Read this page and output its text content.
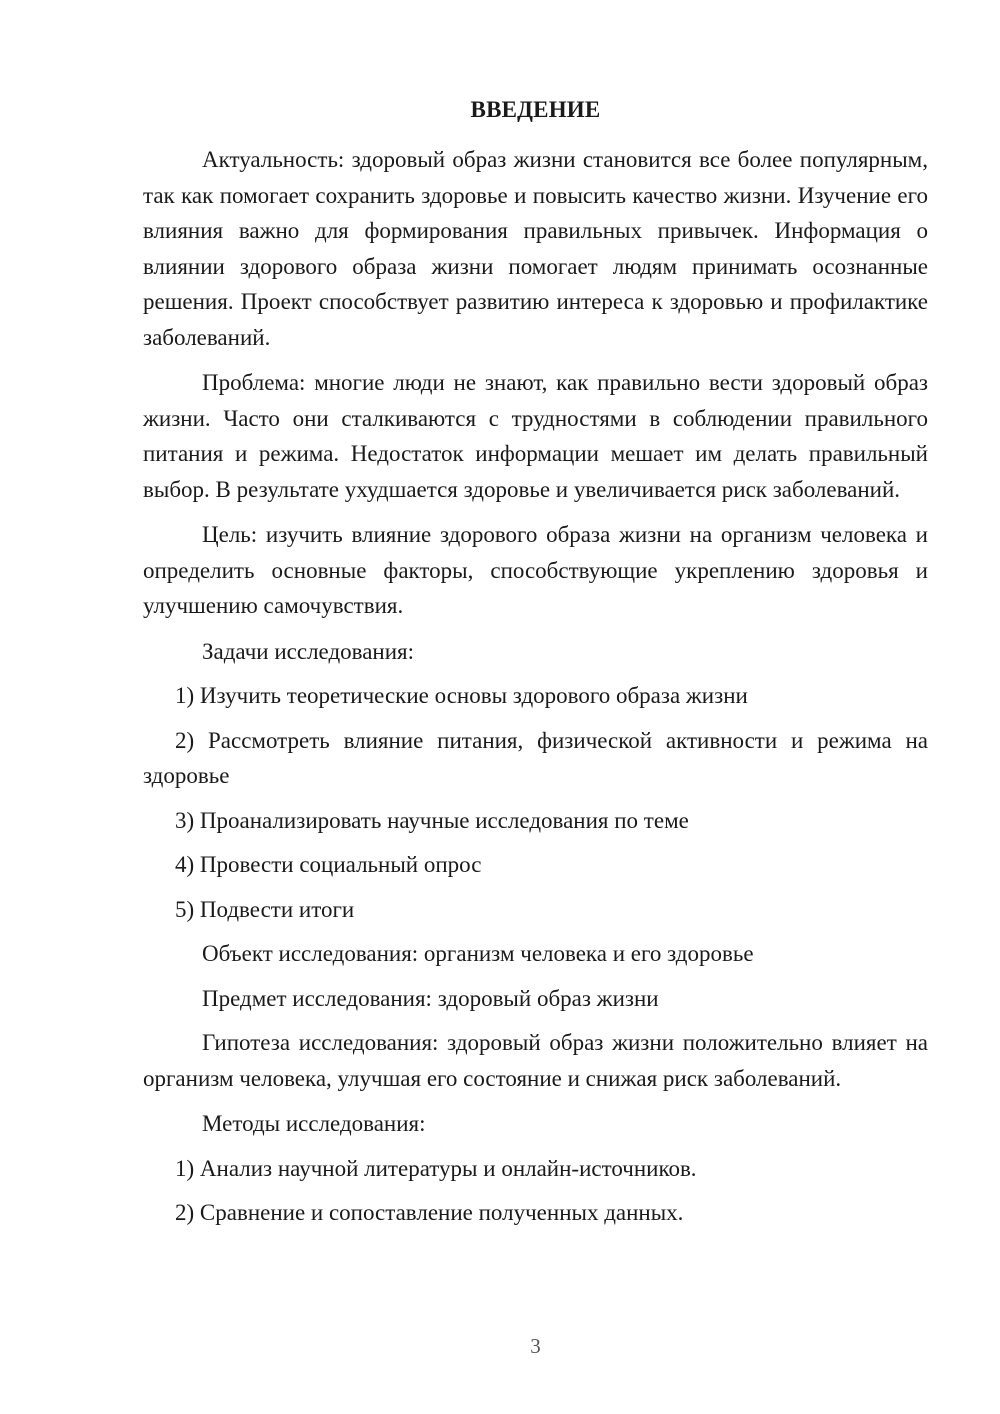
ВВЕДЕНИЕ

Актуальность: здоровый образ жизни становится все более популярным, так как помогает сохранить здоровье и повысить качество жизни. Изучение его влияния важно для формирования правильных привычек. Информация о влиянии здорового образа жизни помогает людям принимать осознанные решения. Проект способствует развитию интереса к здоровью и профилактике заболеваний.

Проблема: многие люди не знают, как правильно вести здоровый образ жизни. Часто они сталкиваются с трудностями в соблюдении правильного питания и режима. Недостаток информации мешает им делать правильный выбор. В результате ухудшается здоровье и увеличивается риск заболеваний.

Цель: изучить влияние здорового образа жизни на организм человека и определить основные факторы, способствующие укреплению здоровья и улучшению самочувствия.

Задачи исследования:

1) Изучить теоретические основы здорового образа жизни

2) Рассмотреть влияние питания, физической активности и режима на здоровье

3) Проанализировать научные исследования по теме

4) Провести социальный опрос

5) Подвести итоги

Объект исследования: организм человека и его здоровье

Предмет исследования: здоровый образ жизни

Гипотеза исследования: здоровый образ жизни положительно влияет на организм человека, улучшая его состояние и снижая риск заболеваний.

Методы исследования:

1) Анализ научной литературы и онлайн-источников.

2) Сравнение и сопоставление полученных данных.

3
